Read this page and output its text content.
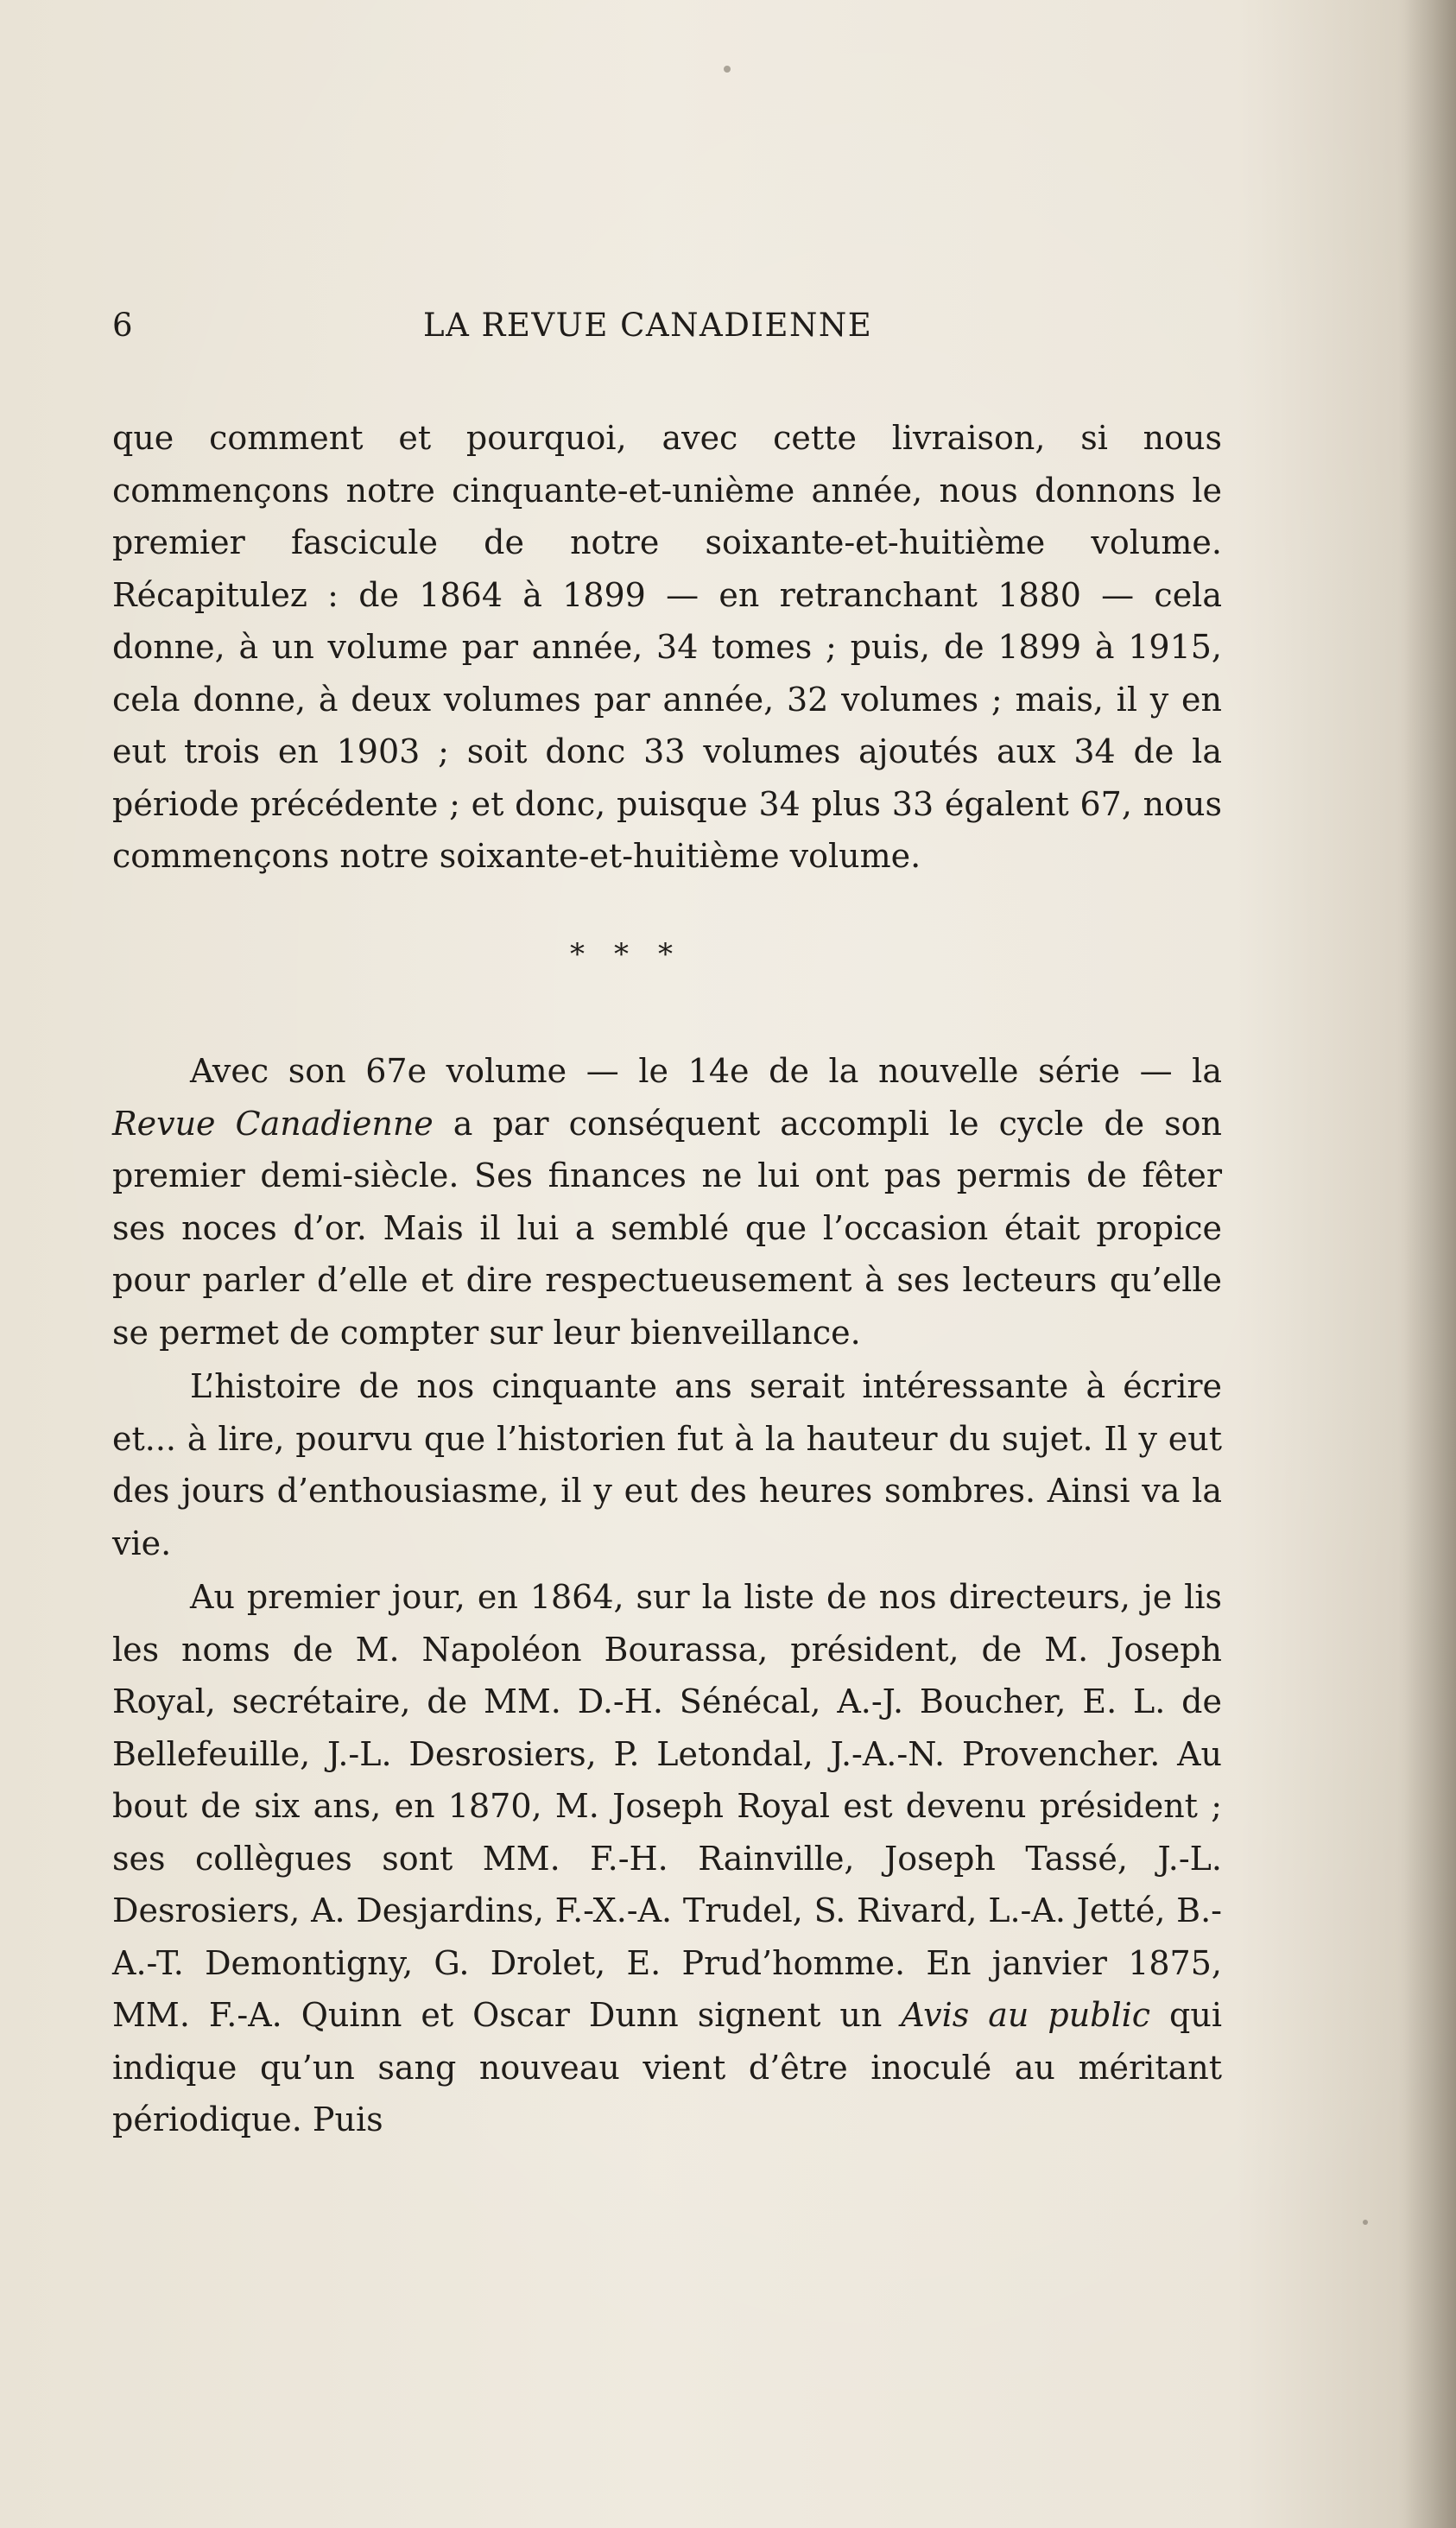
6	LA REVUE CANADIENNE

que comment et pourquoi, avec cette livraison, si nous commençons notre cinquante-et-unième année, nous donnons le premier fascicule de notre soixante-et-huitième volume. Récapitulez : de 1864 à 1899 — en retranchant 1880 — cela donne, à un volume par année, 34 tomes ; puis, de 1899 à 1915, cela donne, à deux volumes par année, 32 volumes ; mais, il y en eut trois en 1903 ; soit donc 33 volumes ajoutés aux 34 de la période précédente ; et donc, puisque 34 plus 33 égalent 67, nous commençons notre soixante-et-huitième volume.

***

Avec son 67e volume — le 14e de la nouvelle série — la Revue Canadienne a par conséquent accompli le cycle de son premier demi-siècle. Ses finances ne lui ont pas permis de fêter ses noces d’or. Mais il lui a semblé que l’occasion était propice pour parler d’elle et dire respectueusement à ses lecteurs qu’elle se permet de compter sur leur bienveillance.

L’histoire de nos cinquante ans serait intéressante à écrire et... à lire, pourvu que l’historien fut à la hauteur du sujet. Il y eut des jours d’enthousiasme, il y eut des heures sombres. Ainsi va la vie.

Au premier jour, en 1864, sur la liste de nos directeurs, je lis les noms de M. Napoléon Bourassa, président, de M. Joseph Royal, secrétaire, de MM. D.-H. Sénécal, A.-J. Boucher, E. L. de Bellefeuille, J.-L. Desrosiers, P. Letondal, J.-A.-N. Provencher. Au bout de six ans, en 1870, M. Joseph Royal est devenu président ; ses collègues sont MM. F.-H. Rainville, Joseph Tassé, J.-L. Desrosiers, A. Desjardins, F.-X.-A. Trudel, S. Rivard, L.-A. Jetté, B.-A.-T. Demontigny, G. Drolet, E. Prud’homme. En janvier 1875, MM. F.-A. Quinn et Oscar Dunn signent un Avis au public qui indique qu’un sang nouveau vient d’être inoculé au méritant périodique. Puis
